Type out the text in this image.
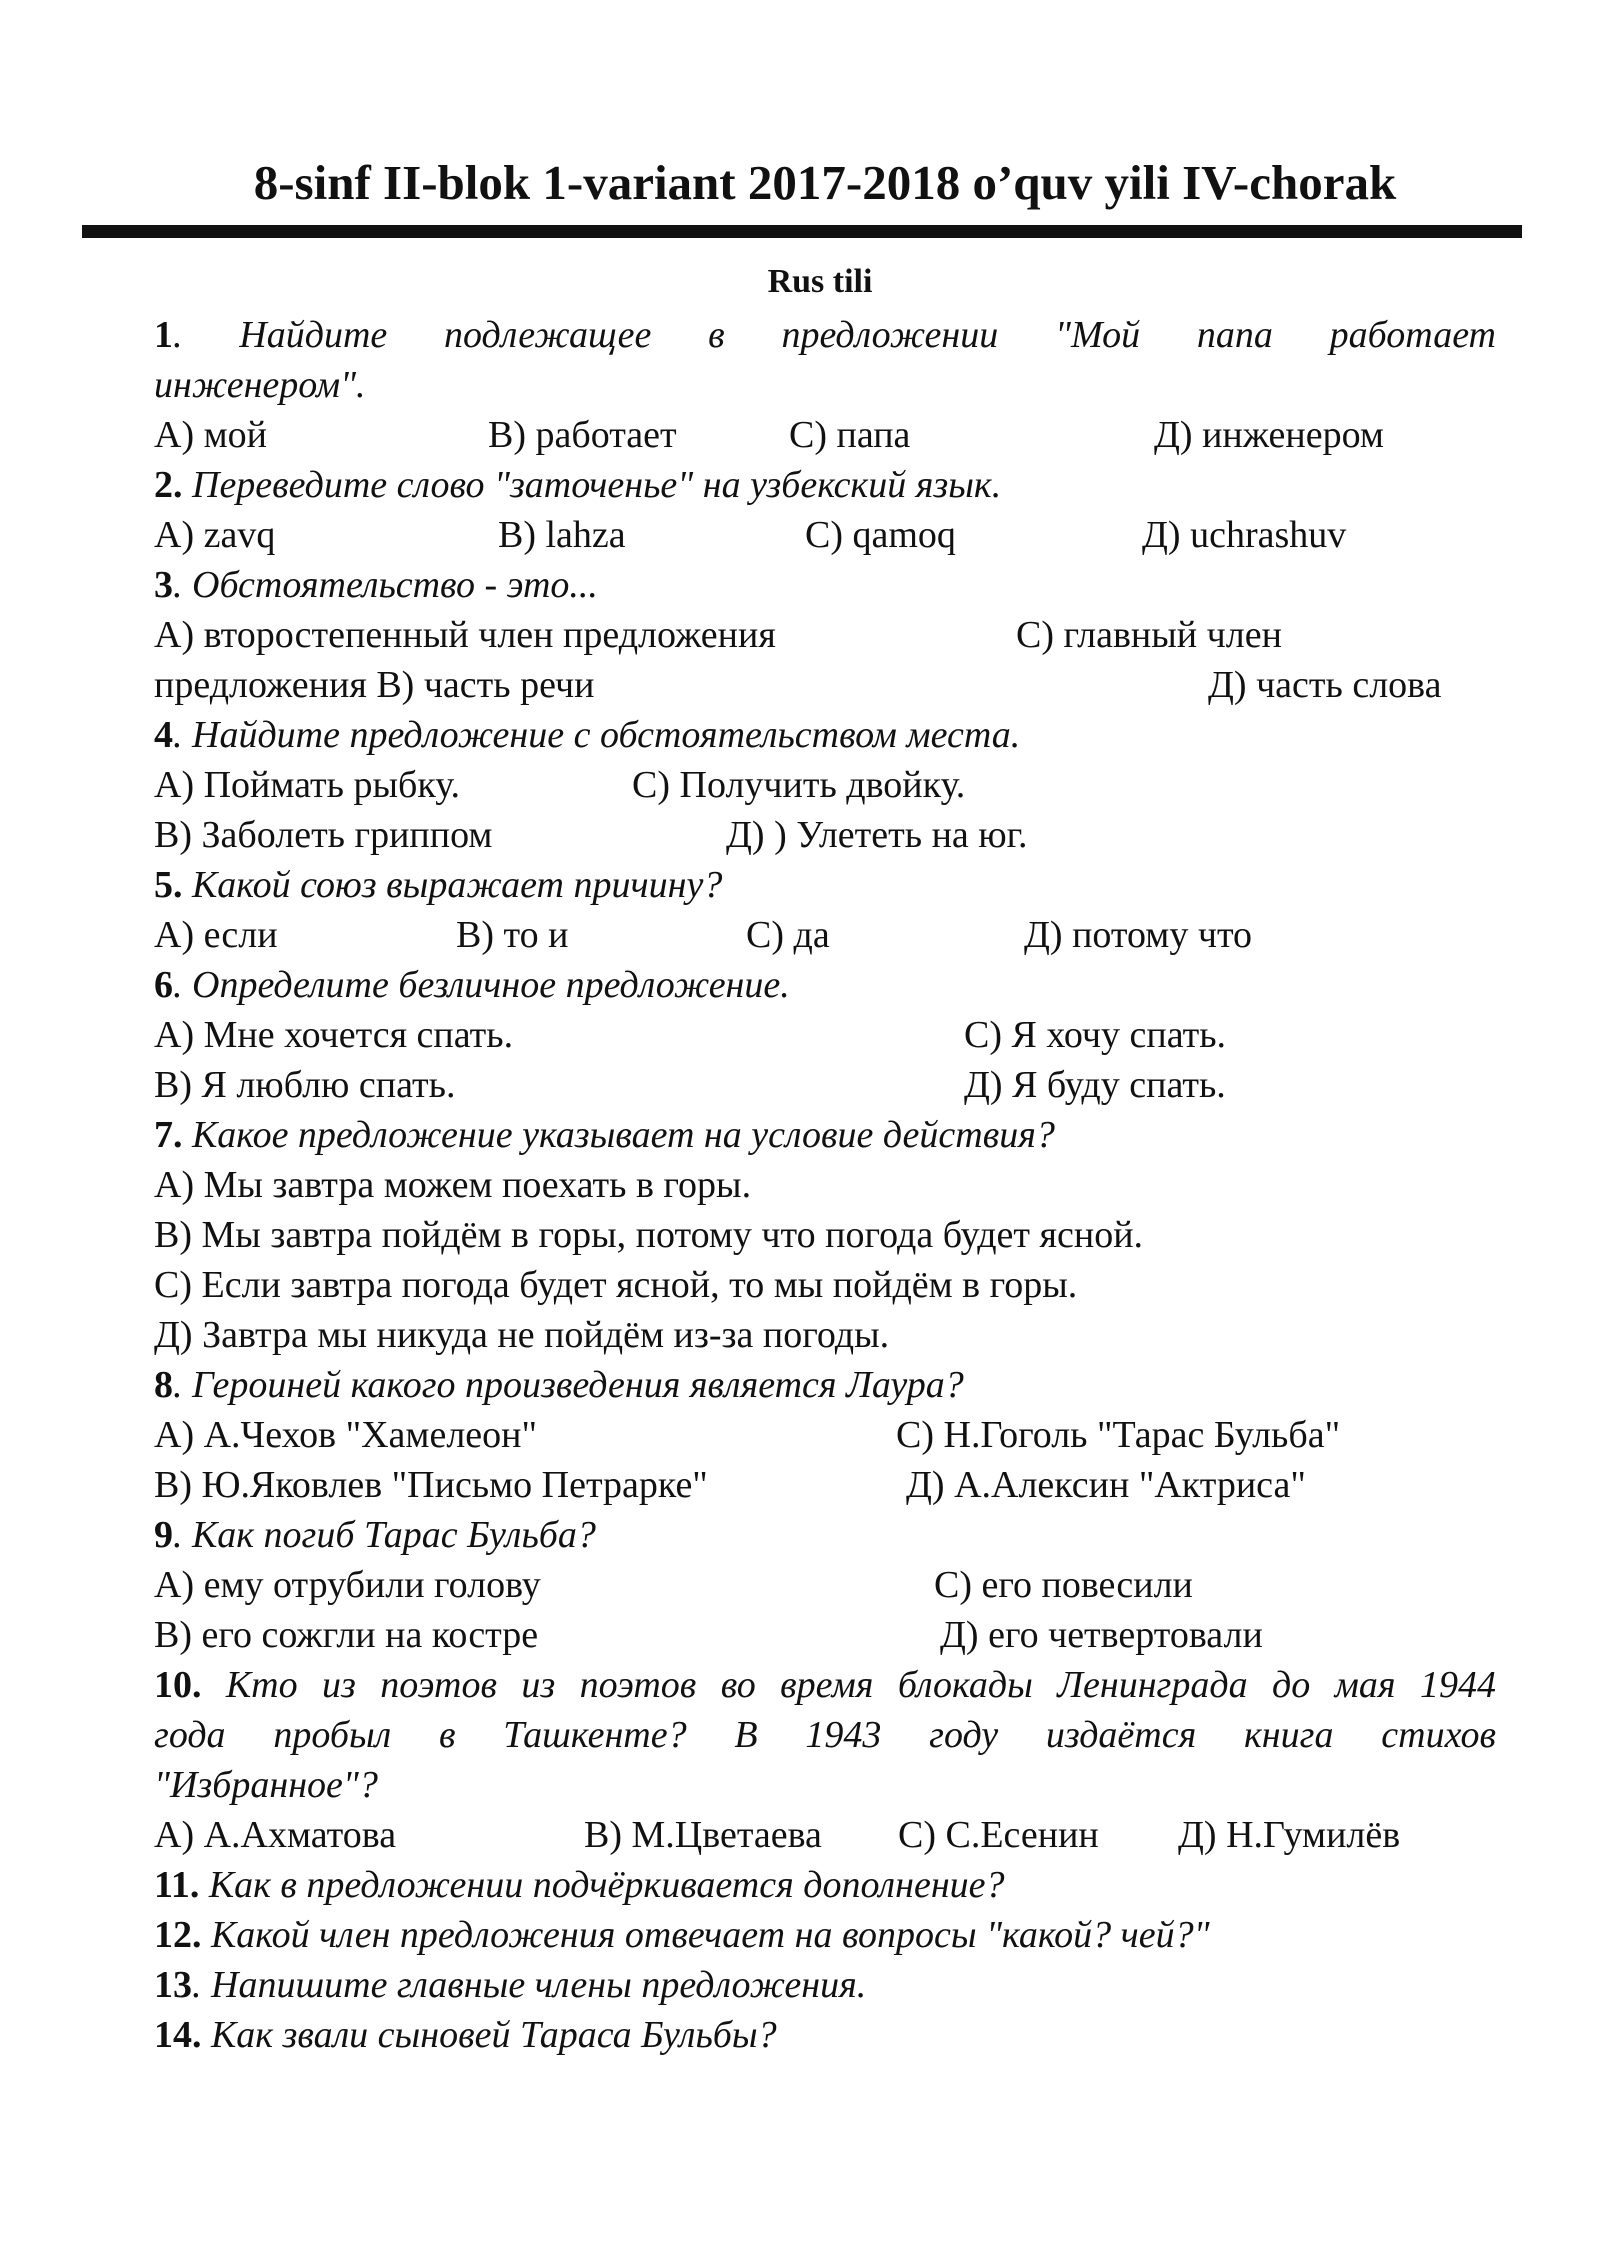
8-sinf II-blok 1-variant 2017-2018 o’quv yili IV-chorak
Rus tili
1. Найдите подлежащее в предложении "Мой папа работает
инженером".
А) мой	В) работает	С) папа	Д) инженером
2. Переведите слово "заточенье" на узбекский язык.
А) zavq	В) lahza	С) qamoq	Д) uchrashuv
3. Обстоятельство - это...
А) второстепенный член предложения	С) главный член
предложения В) часть речи	Д) часть слова
4. Найдите предложение с обстоятельством места.
А) Поймать рыбку.	С) Получить двойку.
В) Заболеть гриппом	Д) ) Улететь на юг.
5. Какой союз выражает причину?
А) если	В) то и	С) да	Д) потому что
6. Определите безличное предложение.
А) Мне хочется спать.	С) Я хочу спать.
В) Я люблю спать.	Д) Я буду спать.
7. Какое предложение указывает на условие действия?
А) Мы завтра можем поехать в горы.
В) Мы завтра пойдём в горы, потому что погода будет ясной.
С) Если завтра погода будет ясной, то мы пойдём в горы.
Д) Завтра мы никуда не пойдём из-за погоды.
8. Героиней какого произведения является Лаура?
А) А.Чехов "Хамелеон"	С) Н.Гоголь "Тарас Бульба"
В) Ю.Яковлев "Письмо Петрарке"	Д) А.Алексин "Актриса"
9. Как погиб Тарас Бульба?
А) ему отрубили голову	С) его повесили
В) его сожгли на костре	Д) его четвертовали
10. Кто из поэтов из поэтов во время блокады Ленинграда до мая 1944
года пробыл в Ташкенте? В 1943 году издаётся книга стихов
"Избранное"?
А) А.Ахматова	В) М.Цветаева С) С.Есенин Д) Н.Гумилёв
11. Как в предложении подчёркивается дополнение?
12. Какой член предложения отвечает на вопросы "какой? чей?"
13. Напишите главные члены предложения.
14. Как звали сыновей Тараса Бульбы?
